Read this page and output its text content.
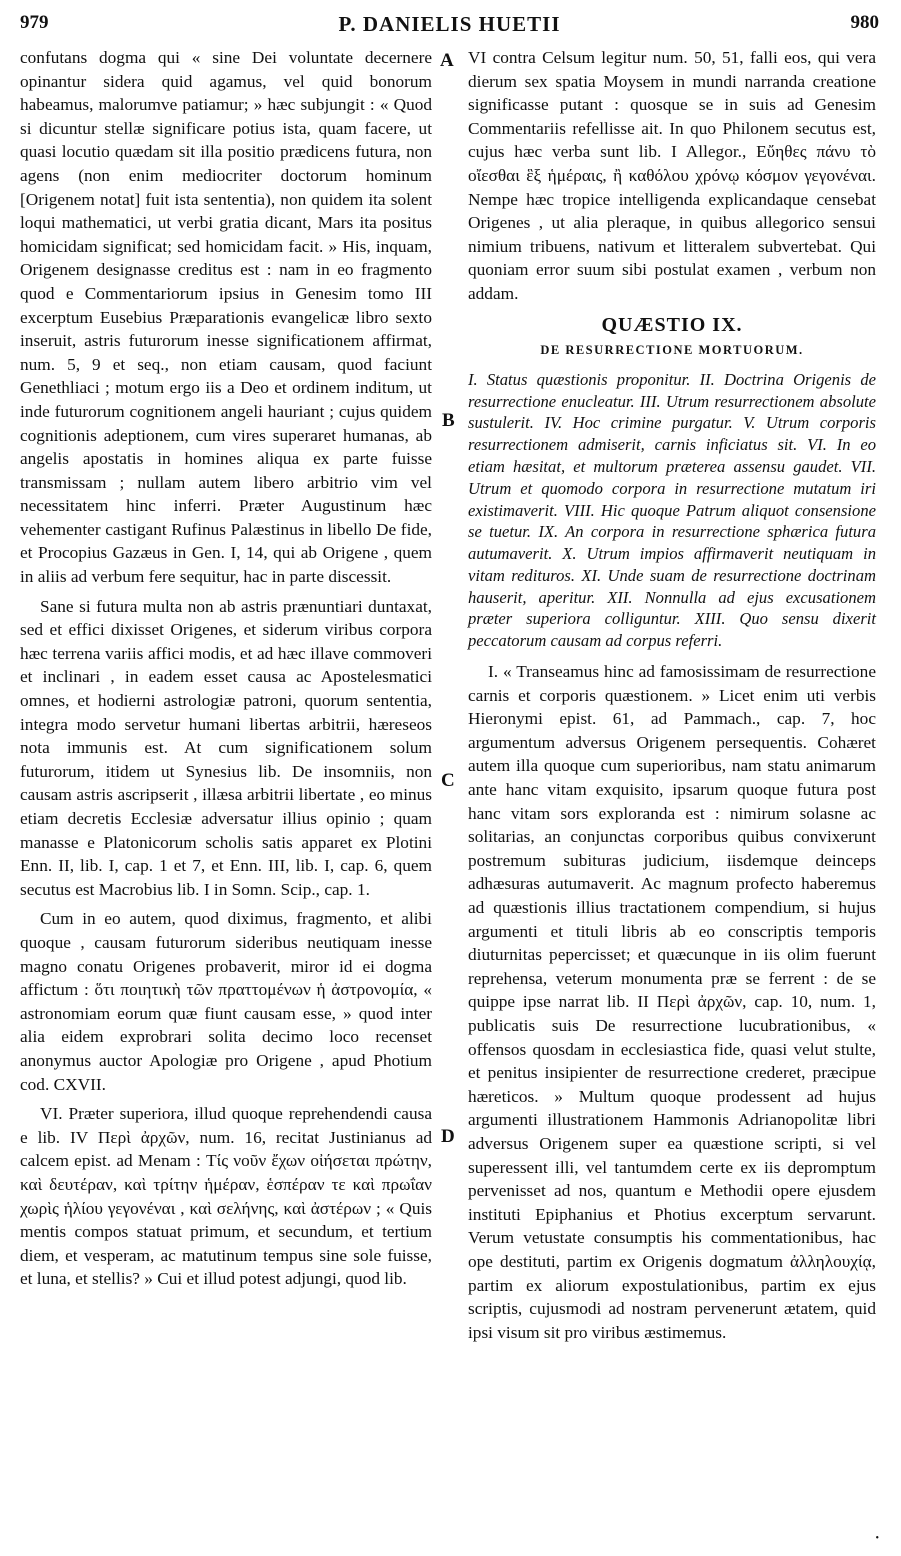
979	P. DANIELIS HUETII	980
A
B
C
D

confutans dogma qui « sine Dei voluntate decernere opinantur sidera quid agamus, vel quid bonorum habeamus, malorumve patiamur; » hæc subjungit : « Quod si dicuntur stellæ significare potius ista, quam facere, ut quasi locutio quædam sit illa positio prædicens futura, non agens (non enim mediocriter doctorum hominum [Origenem notat] fuit ista sententia), non quidem ita solent loqui mathematici, ut verbi gratia dicant, Mars ita positus homicidam significat; sed homicidam facit. » His, inquam, Origenem designasse creditus est : nam in eo fragmento quod e Commentariorum ipsius in Genesim tomo III excerptum Eusebius Præparationis evangelicæ libro sexto inseruit, astris futurorum inesse significationem affirmat, num. 5, 9 et seq., non etiam causam, quod faciunt Genethliaci ; motum ergo iis a Deo et ordinem inditum, ut inde futurorum cognitionem angeli hauriant ; cujus quidem cognitionis adeptionem, cum vires superaret humanas, ab angelis apostatis in homines aliqua ex parte fuisse transmissam ; nullam autem libero arbitrio vim vel necessitatem hinc inferri. Præter Augustinum hæc vehementer castigant Rufinus Palæstinus in libello De fide, et Procopius Gazæus in Gen. I, 14, qui ab Origene , quem in aliis ad verbum fere sequitur, hac in parte discessit.

Sane si futura multa non ab astris prænuntiari duntaxat, sed et effici dixisset Origenes, et siderum viribus corpora hæc terrena variis affici modis, et ad hæc illave commoveri et inclinari , in eadem esset causa ac Apostelesmatici omnes, et hodierni astrologiæ patroni, quorum sententia, integra modo servetur humani libertas arbitrii, hæreseos nota immunis est. At cum significationem solum futurorum, itidem ut Synesius lib. De insomniis, non causam astris ascripserit , illæsa arbitrii libertate , eo minus etiam decretis Ecclesiæ adversatur illius opinio ; quam manasse e Platonicorum scholis satis apparet ex Plotini Enn. II, lib. I, cap. 1 et 7, et Enn. III, lib. I, cap. 6, quem secutus est Macrobius lib. I in Somn. Scip., cap. 1.

Cum in eo autem, quod diximus, fragmento, et alibi quoque , causam futurorum sideribus neutiquam inesse magno conatu Origenes probaverit, miror id ei dogma affictum : ὅτι ποιητικὴ τῶν πραττομένων ἡ ἀστρονομία, « astronomiam eorum quæ fiunt causam esse, » quod inter alia eidem exprobrari solita decimo loco recenset anonymus auctor Apologiæ pro Origene , apud Photium cod. CXVII.

VI. Præter superiora, illud quoque reprehendendi causa e lib. IV Περὶ ἀρχῶν, num. 16, recitat Justinianus ad calcem epist. ad Menam : Τίς νοῦν ἔχων οἰήσεται πρώτην, καὶ δευτέραν, καὶ τρίτην ἡμέραν, ἑσπέραν τε καὶ πρωΐαν χωρὶς ἡλίου γεγονέναι , καὶ σελήνης, καὶ ἀστέρων ; « Quis mentis compos statuat primum, et secundum, et tertium diem, et vesperam, ac matutinum tempus sine sole fuisse, et luna, et stellis? » Cui et illud potest adjungi, quod lib.

VI contra Celsum legitur num. 50, 51, falli eos, qui vera dierum sex spatia Moysem in mundi narranda creatione significasse putant : quosque se in suis ad Genesim Commentariis refellisse ait. In quo Philonem secutus est, cujus hæc verba sunt lib. I Allegor., Εὔηθες πάνυ τὸ οἴεσθαι ἓξ ἡμέραις, ἢ καθόλου χρόνῳ κόσμον γεγονέναι. Nempe hæc tropice intelligenda explicandaque censebat Origenes , ut alia pleraque, in quibus allegorico sensui nimium tribuens, nativum et litteralem subvertebat. Qui quoniam error suum sibi postulat examen , verbum non addam.

QUÆSTIO IX.
DE RESURRECTIONE MORTUORUM.

I. Status quæstionis proponitur. II. Doctrina Origenis de resurrectione enucleatur. III. Utrum resurrectionem absolute sustulerit. IV. Hoc crimine purgatur. V. Utrum corporis resurrectionem admiserit, carnis inficiatus sit. VI. In eo etiam hæsitat, et multorum præterea assensu gaudet. VII. Utrum et quomodo corpora in resurrectione mutatum iri existimaverit. VIII. Hic quoque Patrum aliquot consensione se tuetur. IX. An corpora in resurrectione sphærica futura autumaverit. X. Utrum impios affirmaverit neutiquam in vitam redituros. XI. Unde suam de resurrectione doctrinam hauserit, aperitur. XII. Nonnulla ad ejus excusationem præter superiora colliguntur. XIII. Quo sensu dixerit peccatorum causam ad corpus referri.

I. « Transeamus hinc ad famosissimam de resurrectione carnis et corporis quæstionem. » Licet enim uti verbis Hieronymi epist. 61, ad Pammach., cap. 7, hoc argumentum adversus Origenem persequentis. Cohæret autem illa quoque cum superioribus, nam statu animarum ante hanc vitam exquisito, ipsarum quoque futura post hanc vitam sors exploranda est : nimirum solasne ac solitarias, an conjunctas corporibus quibus convixerunt postremum subituras judicium, iisdemque deinceps adhæsuras autumaverit. Ac magnum profecto haberemus ad quæstionis illius tractationem compendium, si hujus argumenti et tituli libris ab eo conscriptis temporis diuturnitas pepercisset; et quæcunque in iis olim fuerunt reprehensa, veterum monumenta præ se ferrent : de se quippe ipse narrat lib. II Περὶ ἀρχῶν, cap. 10, num. 1, publicatis suis De resurrectione lucubrationibus, « offensos quosdam in ecclesiastica fide, quasi velut stulte, et penitus insipienter de resurrectione crederet, præcipue hæreticos. » Multum quoque prodessent ad hujus argumenti illustrationem Hammonis Adrianopolitæ libri adversus Origenem super ea quæstione scripti, si vel superessent illi, vel tantumdem certe ex iis depromptum pervenisset ad nos, quantum e Methodii opere ejusdem instituti Epiphanius et Photius excerptum servarunt. Verum vetustate consumptis his commentationibus, hac ope destituti, partim ex Origenis dogmatum ἀλληλουχίᾳ, partim ex aliorum expostulationibus, partim ex ejus scriptis, cujusmodi ad nostram pervenerunt ætatem, quid ipsi visum sit pro viribus æstimemus.

•
